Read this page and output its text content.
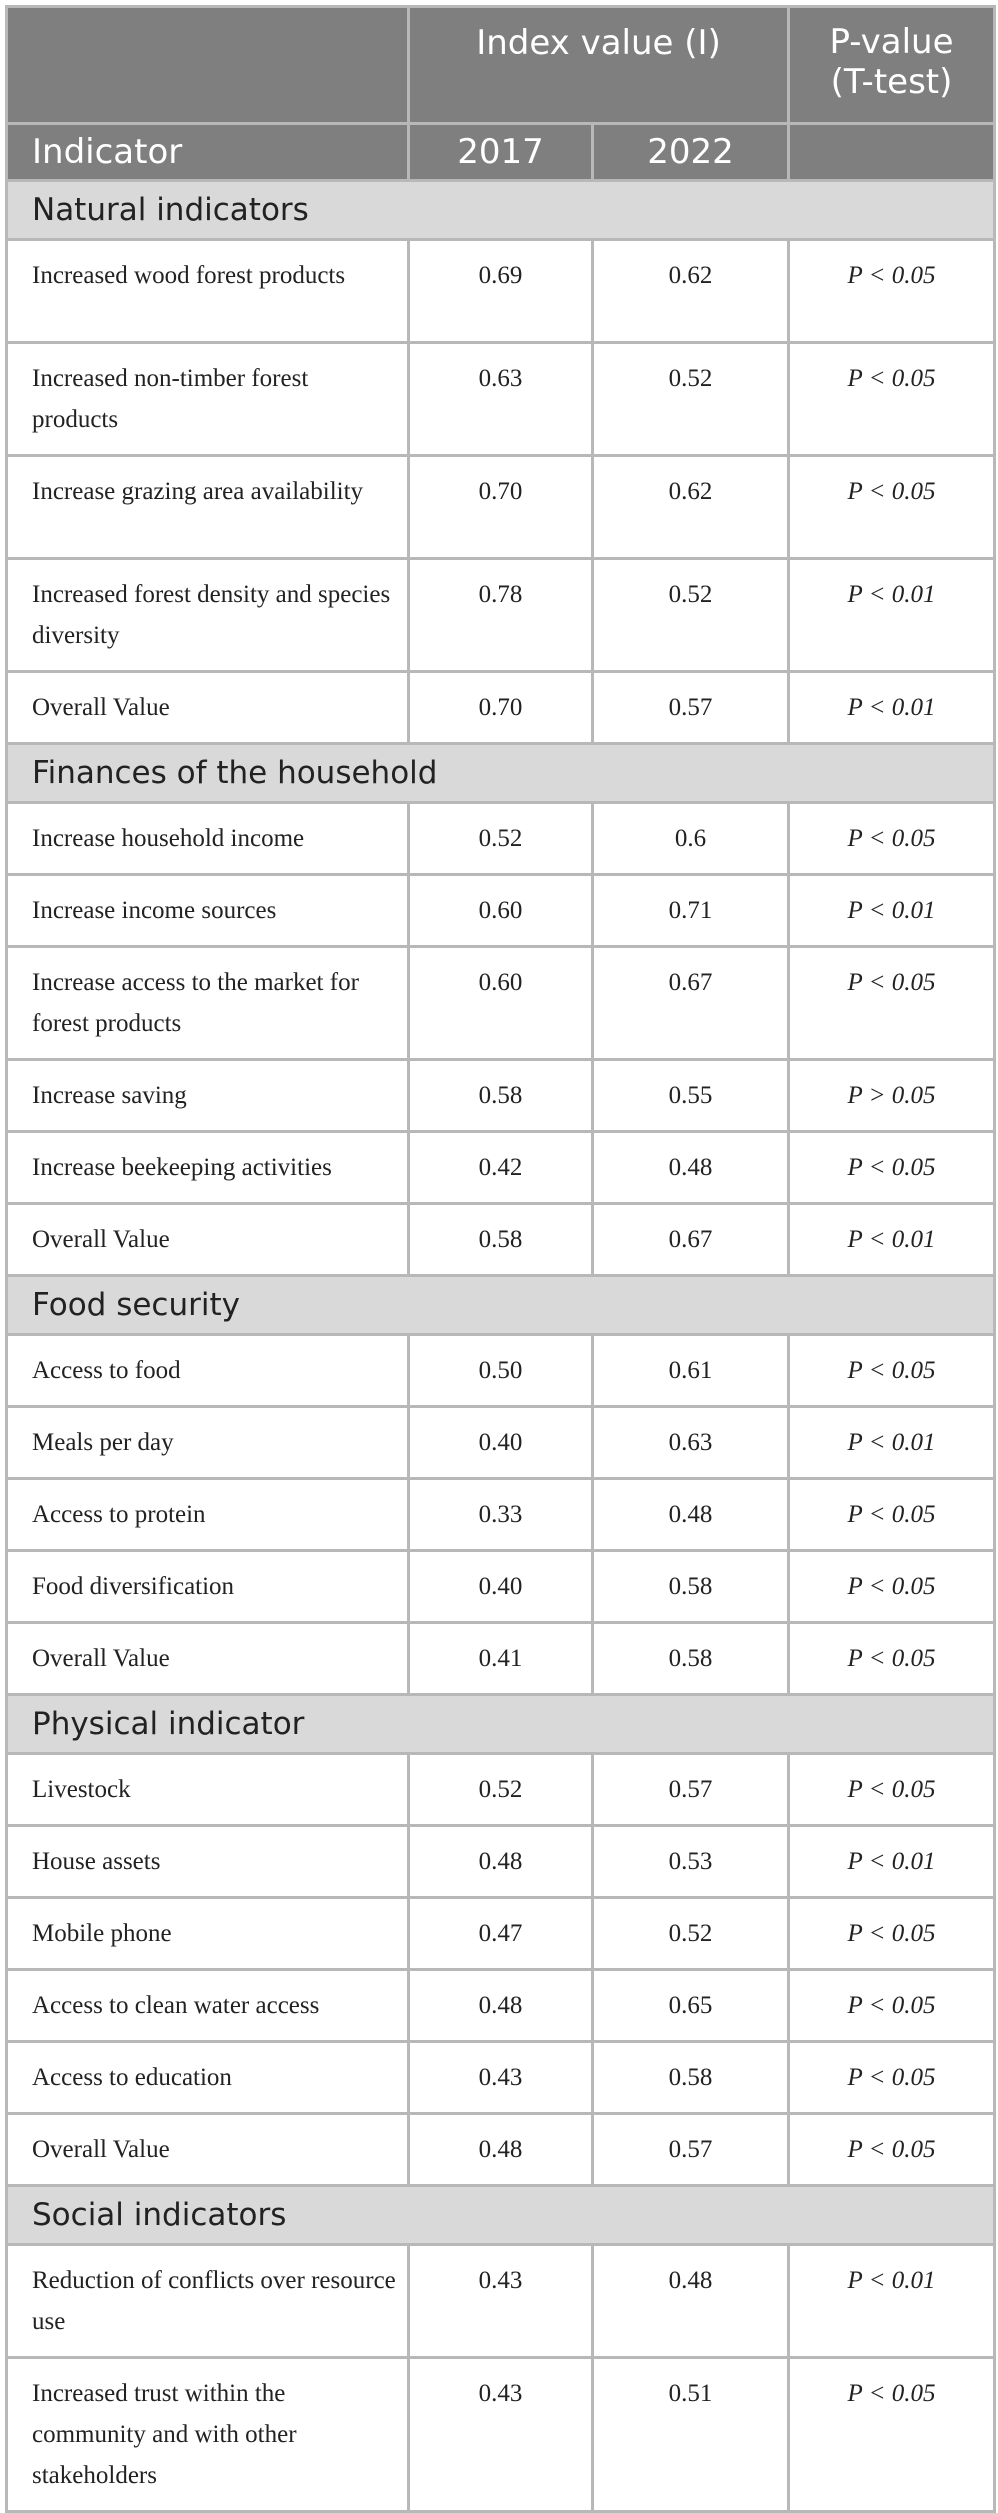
	Index value (I)		P-value
(T-test)
Indicator	2017	2022	
Natural indicators			
Increased wood forest products	0.69	0.62	P < 0.05
Increased non-timber forest products	0.63	0.52	P < 0.05
Increase grazing area availability	0.70	0.62	P < 0.05
Increased forest density and species diversity	0.78	0.52	P < 0.01
Overall Value	0.70	0.57	P < 0.01
Finances of the household			
Increase household income	0.52	0.6	P < 0.05
Increase income sources	0.60	0.71	P < 0.01
Increase access to the market for forest products	0.60	0.67	P < 0.05
Increase saving	0.58	0.55	P > 0.05
Increase beekeeping activities	0.42	0.48	P < 0.05
Overall Value	0.58	0.67	P < 0.01
Food security			
Access to food	0.50	0.61	P < 0.05
Meals per day	0.40	0.63	P < 0.01
Access to protein	0.33	0.48	P < 0.05
Food diversification	0.40	0.58	P < 0.05
Overall Value	0.41	0.58	P < 0.05
Physical indicator			
Livestock	0.52	0.57	P < 0.05
House assets	0.48	0.53	P < 0.01
Mobile phone	0.47	0.52	P < 0.05
Access to clean water access	0.48	0.65	P < 0.05
Access to education	0.43	0.58	P < 0.05
Overall Value	0.48	0.57	P < 0.05
Social indicators			
Reduction of conflicts over resource use	0.43	0.48	P < 0.01
Increased trust within the community and with other stakeholders	0.43	0.51	P < 0.05
